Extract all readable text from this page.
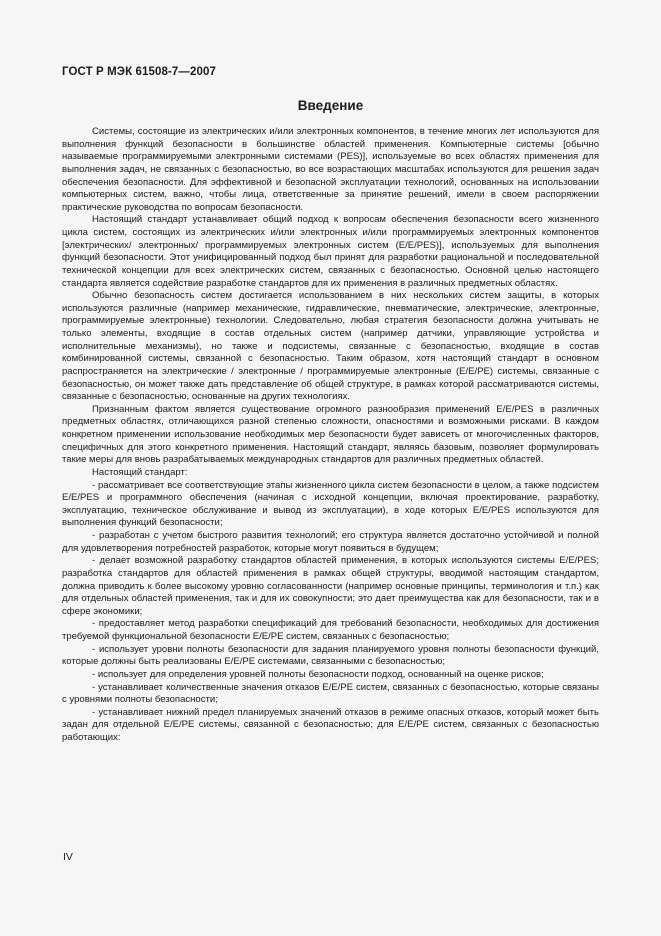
ГОСТ Р МЭК 61508-7—2007
Введение

Системы, состоящие из электрических и/или электронных компонентов, в течение многих лет используются для выполнения функций безопасности в большинстве областей применения. Компьютерные системы [обычно называемые программируемыми электронными системами (PES)], используемые во всех областях применения для выполнения задач, не связанных с безопасностью, во все возрастающих масштабах используются для решения задач обеспечения безопасности. Для эффективной и безопасной эксплуатации технологий, основанных на использовании компьютерных систем, важно, чтобы лица, ответственные за принятие решений, имели в своем распоряжении практические руководства по вопросам безопасности.

Настоящий стандарт устанавливает общий подход к вопросам обеспечения безопасности всего жизненного цикла систем, состоящих из электрических и/или электронных и/или программируемых электронных компонентов [электрических/ электронных/ программируемых электронных систем (E/E/PES)], используемых для выполнения функций безопасности. Этот унифицированный подход был принят для разработки рациональной и последовательной технической концепции для всех электрических систем, связанных с безопасностью. Основной целью настоящего стандарта является содействие разработке стандартов для их применения в различных предметных областях.

Обычно безопасность систем достигается использованием в них нескольких систем защиты, в которых используются различные (например механические, гидравлические, пневматические, электрические, электронные, программируемые электронные) технологии. Следовательно, любая стратегия безопасности должна учитывать не только элементы, входящие в состав отдельных систем (например датчики, управляющие устройства и исполнительные механизмы), но также и подсистемы, связанные с безопасностью, входящие в состав комбинированной системы, связанной с безопасностью. Таким образом, хотя настоящий стандарт в основном распространяется на электрические / электронные / программируемые электронные (E/E/PE) системы, связанные с безопасностью, он может также дать представление об общей структуре, в рамках которой рассматриваются системы, связанные с безопасностью, основанные на других технологиях.

Признанным фактом является существование огромного разнообразия применений E/E/PES в различных предметных областях, отличающихся разной степенью сложности, опасностями и возможными рисками. В каждом конкретном применении использование необходимых мер безопасности будет зависеть от многочисленных факторов, специфичных для этого конкретного применения. Настоящий стандарт, являясь базовым, позволяет формулировать такие меры для вновь разрабатываемых международных стандартов для различных предметных областей.

Настоящий стандарт:

- рассматривает все соответствующие этапы жизненного цикла систем безопасности в целом, а также подсистем E/E/PES и программного обеспечения (начиная с исходной концепции, включая проектирование, разработку, эксплуатацию, техническое обслуживание и вывод из эксплуатации), в ходе которых E/E/PES используются для выполнения функций безопасности;

- разработан с учетом быстрого развития технологий; его структура является достаточно устойчивой и полной для удовлетворения потребностей разработок, которые могут появиться в будущем;

- делает возможной разработку стандартов областей применения, в которых используются системы E/E/PES; разработка стандартов для областей применения в рамках общей структуры, вводимой настоящим стандартом, должна приводить к более высокому уровню согласованности (например основные принципы, терминология и т.п.) как для отдельных областей применения, так и для их совокупности; это дает преимущества как для безопасности, так и в сфере экономики;

- предоставляет метод разработки спецификаций для требований безопасности, необходимых для достижения требуемой функциональной безопасности E/E/PE систем, связанных с безопасностью;

- использует уровни полноты безопасности для задания планируемого уровня полноты безопасности функций, которые должны быть реализованы E/E/PE системами, связанными с безопасностью;

- использует для определения уровней полноты безопасности подход, основанный на оценке рисков;

- устанавливает количественные значения отказов E/E/PE систем, связанных с безопасностью, которые связаны с уровнями полноты безопасности;

- устанавливает нижний предел планируемых значений отказов в режиме опасных отказов, который может быть задан для отдельной E/E/PE системы, связанной с безопасностью; для E/E/PE систем, связанных с безопасностью работающих:

IV
